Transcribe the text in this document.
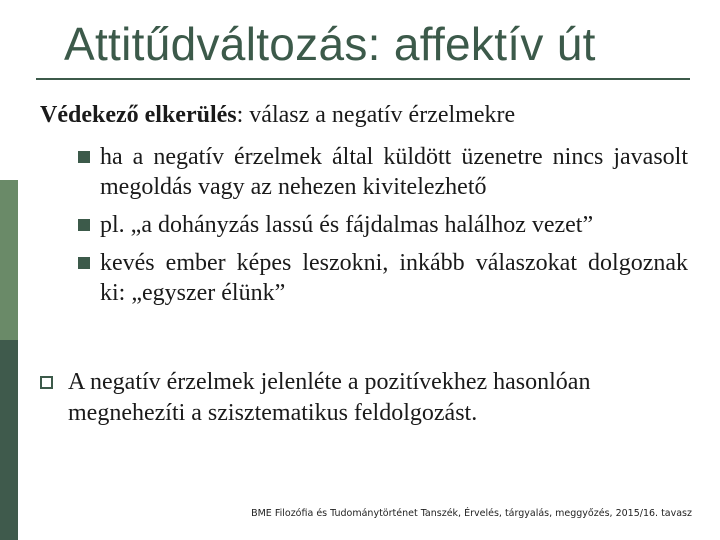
Attitűdváltozás: affektív út
Védekező elkerülés: válasz a negatív érzelmekre
ha a negatív érzelmek által küldött üzenetre nincs javasolt megoldás vagy az nehezen kivitelezhető
pl. „a dohányzás lassú és fájdalmas halálhoz vezet”
kevés ember képes leszokni, inkább válaszokat dolgoznak ki: „egyszer élünk”
A negatív érzelmek jelenléte a pozitívekhez hasonlóan megnehezíti a szisztematikus feldolgozást.
BME Filozófia és Tudománytörténet Tanszék, Érvelés, tárgyalás, meggyőzés, 2015/16. tavasz
